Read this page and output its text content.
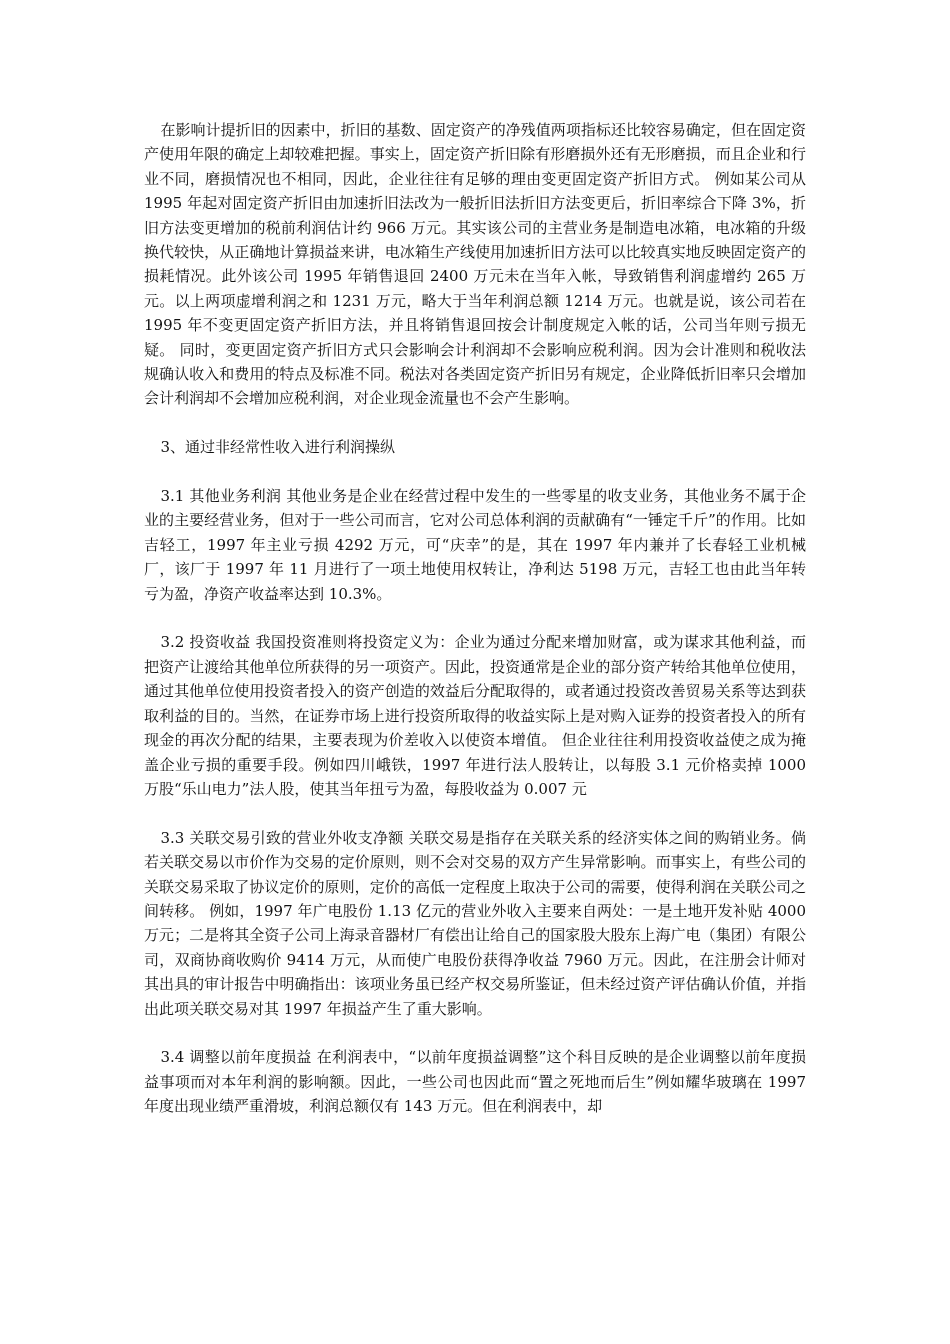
在影响计提折旧的因素中，折旧的基数、固定资产的净残值两项指标还比较容易确定，但在固定资产使用年限的确定上却较难把握。事实上，固定资产折旧除有形磨损外还有无形磨损，而且企业和行业不同，磨损情况也不相同，因此，企业往往有足够的理由变更固定资产折旧方式。 例如某公司从 1995 年起对固定资产折旧由加速折旧法改为一般折旧法折旧方法变更后，折旧率综合下降 3%，折旧方法变更增加的税前利润估计约 966 万元。其实该公司的主营业务是制造电冰箱，电冰箱的升级换代较快，从正确地计算损益来讲，电冰箱生产线使用加速折旧方法可以比较真实地反映固定资产的损耗情况。此外该公司 1995 年销售退回 2400 万元未在当年入帐，导致销售利润虚增约 265 万元。以上两项虚增利润之和 1231 万元，略大于当年利润总额 1214 万元。也就是说，该公司若在 1995 年不变更固定资产折旧方法，并且将销售退回按会计制度规定入帐的话，公司当年则亏损无疑。 同时，变更固定资产折旧方式只会影响会计利润却不会影响应税利润。因为会计准则和税收法规确认收入和费用的特点及标准不同。税法对各类固定资产折旧另有规定，企业降低折旧率只会增加会计利润却不会增加应税利润，对企业现金流量也不会产生影响。

3、通过非经常性收入进行利润操纵

3.1 其他业务利润 其他业务是企业在经营过程中发生的一些零星的收支业务，其他业务不属于企业的主要经营业务，但对于一些公司而言，它对公司总体利润的贡献确有“一锤定千斤”的作用。比如吉轻工，1997 年主业亏损 4292 万元，可“庆幸”的是，其在 1997 年内兼并了长春轻工业机械厂，该厂于 1997 年 11 月进行了一项土地使用权转让，净利达 5198 万元，吉轻工也由此当年转亏为盈，净资产收益率达到 10.3%。

3.2 投资收益 我国投资准则将投资定义为：企业为通过分配来增加财富，或为谋求其他利益，而把资产让渡给其他单位所获得的另一项资产。因此，投资通常是企业的部分资产转给其他单位使用，通过其他单位使用投资者投入的资产创造的效益后分配取得的，或者通过投资改善贸易关系等达到获取利益的目的。当然，在证券市场上进行投资所取得的收益实际上是对购入证券的投资者投入的所有现金的再次分配的结果，主要表现为价差收入以使资本增值。 但企业往往利用投资收益使之成为掩盖企业亏损的重要手段。例如四川峨铁，1997 年进行法人股转让，以每股 3.1 元价格卖掉 1000 万股“乐山电力”法人股，使其当年扭亏为盈，每股收益为 0.007 元

3.3 关联交易引致的营业外收支净额 关联交易是指存在关联关系的经济实体之间的购销业务。倘若关联交易以市价作为交易的定价原则，则不会对交易的双方产生异常影响。而事实上，有些公司的关联交易采取了协议定价的原则，定价的高低一定程度上取决于公司的需要，使得利润在关联公司之间转移。 例如，1997 年广电股份 1.13 亿元的营业外收入主要来自两处：一是土地开发补贴 4000 万元；二是将其全资子公司上海录音器材厂有偿出让给自己的国家股大股东上海广电（集团）有限公司，双商协商收购价 9414 万元，从而使广电股份获得净收益 7960 万元。因此，在注册会计师对其出具的审计报告中明确指出：该项业务虽已经产权交易所鉴证，但未经过资产评估确认价值，并指出此项关联交易对其 1997 年损益产生了重大影响。

3.4 调整以前年度损益 在利润表中，“以前年度损益调整”这个科目反映的是企业调整以前年度损益事项而对本年利润的影响额。因此，一些公司也因此而“置之死地而后生”例如耀华玻璃在 1997 年度出现业绩严重滑坡，利润总额仅有 143 万元。但在利润表中，却
